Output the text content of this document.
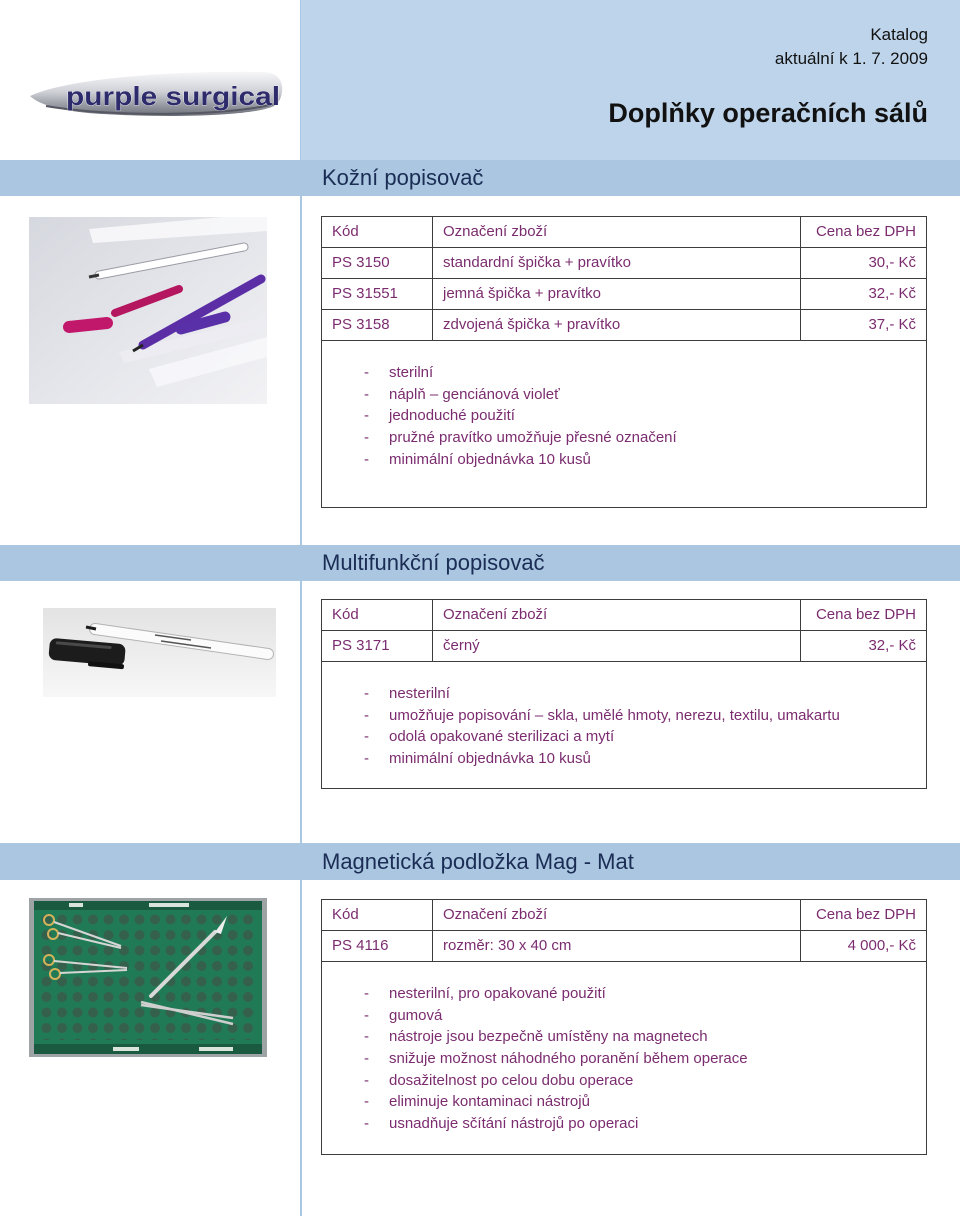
purple surgical
Katalog
aktuální k 1. 7. 2009
Doplňky operačních sálů
Kožní popisovač
Kód	Označení zboží	Cena bez DPH
PS 3150	standardní špička + pravítko	30,- Kč
PS 31551	jemná špička + pravítko	32,- Kč
PS 3158	zdvojená špička + pravítko	37,- Kč
- sterilní
- náplň – genciánová violeť
- jednoduché použití
- pružné pravítko umožňuje přesné označení
- minimální objednávka 10 kusů
Multifunkční popisovač
Kód	Označení zboží	Cena bez DPH
PS 3171	černý	32,- Kč
- nesterilní
- umožňuje popisování – skla, umělé hmoty, nerezu, textilu, umakartu
- odolá opakované sterilizaci a mytí
- minimální objednávka 10 kusů
Magnetická podložka Mag - Mat
Kód	Označení zboží	Cena bez DPH
PS 4116	rozměr: 30 x 40 cm	4 000,- Kč
- nesterilní, pro opakované použití
- gumová
- nástroje jsou bezpečně umístěny na magnetech
- snižuje možnost náhodného poranění během operace
- dosažitelnost po celou dobu operace
- eliminuje kontaminaci nástrojů
- usnadňuje sčítání nástrojů po operaci
